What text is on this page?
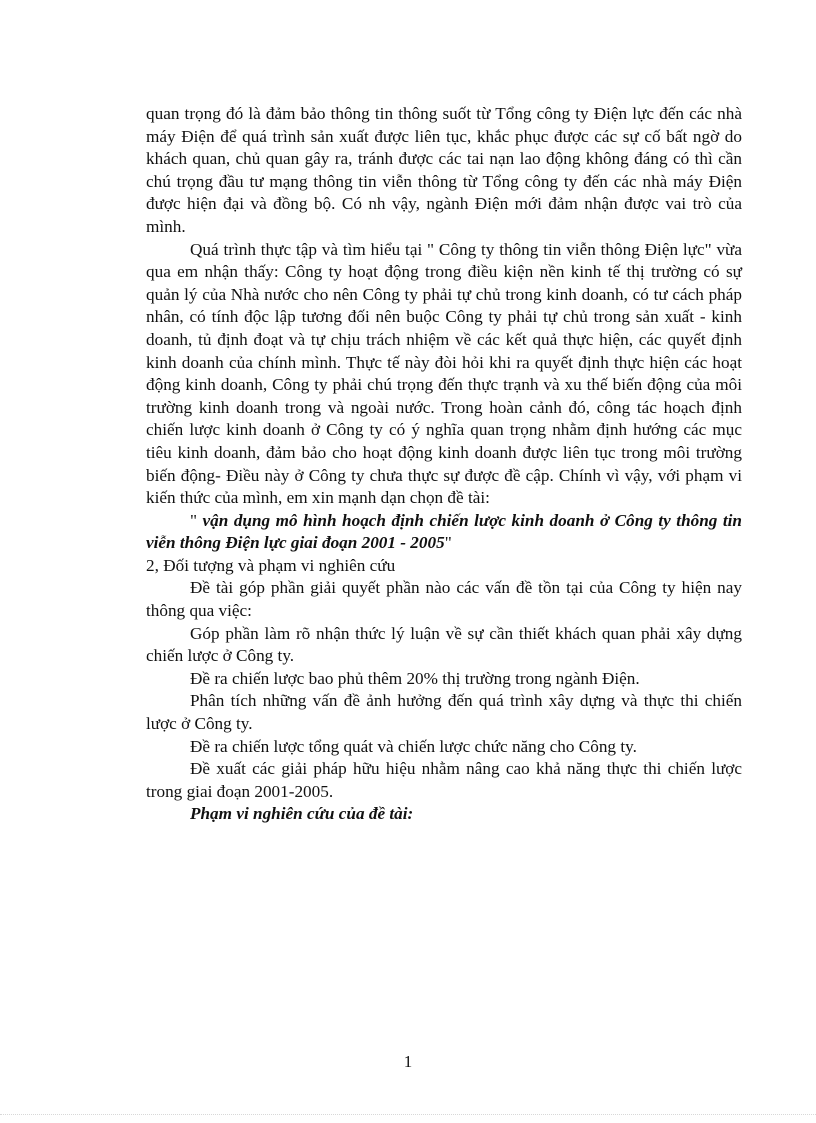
quan trọng đó là đảm bảo thông tin thông suốt từ Tổng công ty Điện lực đến các nhà máy Điện để quá trình sản xuất được liên tục, khắc phục được các sự cố bất ngờ do khách quan, chủ quan gây ra, tránh được các tai nạn lao động không đáng có thì cần chú trọng đầu tư mạng thông tin viễn thông từ Tổng công ty đến các nhà máy Điện được hiện đại và đồng bộ. Có nh vậy, ngành Điện mới đảm nhận được vai trò của mình.

Quá trình thực tập và tìm hiểu tại " Công ty thông tin viễn thông Điện lực" vừa qua em nhận thấy: Công ty hoạt động trong điều kiện nền kinh tế thị trường có sự quản lý của Nhà nước cho nên Công ty phải tự chủ trong kinh doanh, có tư cách pháp nhân, có tính độc lập tương đối nên buộc Công ty phải tự chủ trong sản xuất - kinh doanh, tủ định đoạt và tự chịu trách nhiệm về các kết quả thực hiện, các quyết định kinh doanh của chính mình. Thực tế này đòi hỏi khi ra quyết định thực hiện các hoạt động kinh doanh, Công ty phải chú trọng đến thực trạnh và xu thế biến động của môi trường kinh doanh trong và ngoài nước. Trong hoàn cảnh đó, công tác hoạch định chiến lược kinh doanh ở Công ty có ý nghĩa quan trọng nhằm định hướng các mục tiêu kinh doanh, đảm bảo cho hoạt động kinh doanh được liên tục trong môi trường biến động- Điều này ở Công ty chưa thực sự được đề cập. Chính vì vậy, với phạm vi kiến thức của mình, em xin mạnh dạn chọn đề tài:

" vận dụng mô hình hoạch định chiến lược kinh doanh ở Công ty thông tin viễn thông Điện lực giai đoạn 2001 - 2005"

2, Đối tượng và phạm vi nghiên cứu

Đề tài góp phần giải quyết phần nào các vấn đề tồn tại của Công ty hiện nay thông qua việc:

Góp phần làm rõ nhận thức lý luận về sự cần thiết khách quan phải xây dựng chiến lược ở Công ty.

Đề ra chiến lược bao phủ thêm 20% thị trường trong ngành Điện.

Phân tích những vấn đề ảnh hưởng đến quá trình xây dựng và thực thi chiến lược ở Công ty.

Đề ra chiến lược tổng quát và chiến lược chức năng cho Công ty.

Đề xuất các giải pháp hữu hiệu nhằm nâng cao khả năng thực thi chiến lược trong giai đoạn 2001-2005.

Phạm vi nghiên cứu của đề tài:

1
